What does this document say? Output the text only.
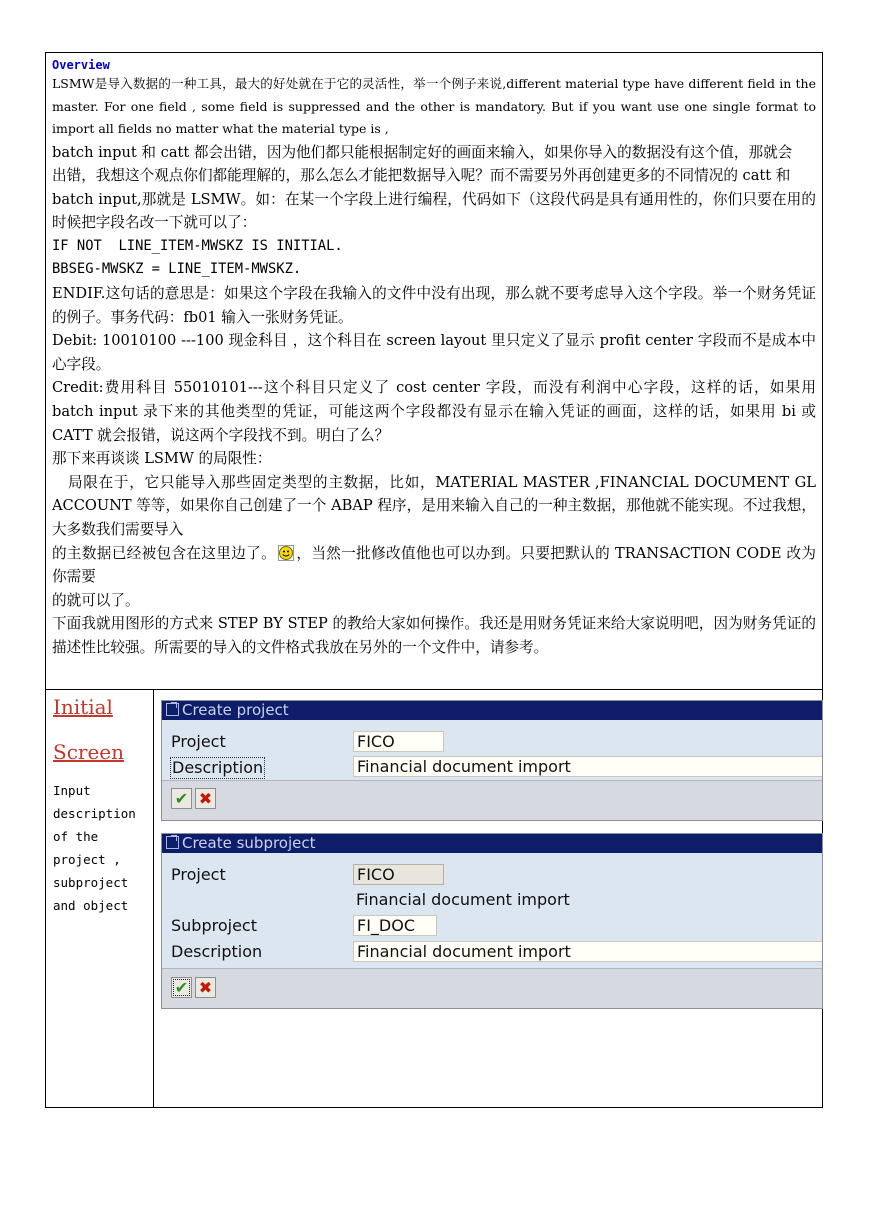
Overview

LSMW是导入数据的一种工具，最大的好处就在于它的灵活性，举一个例子来说,different material type have different field in the master. For one field , some field is suppressed and the other is mandatory. But if you want use one single format to import all fields no matter what the material type is ,

batch input 和 catt 都会出错，因为他们都只能根据制定好的画面来输入，如果你导入的数据没有这个值，那就会

出错，我想这个观点你们都能理解的，那么怎么才能把数据导入呢？而不需要另外再创建更多的不同情况的 catt 和

batch input,那就是 LSMW。如：在某一个字段上进行编程，代码如下（这段代码是具有通用性的，你们只要在用的时候把字段名改一下就可以了：

IF NOT  LINE_ITEM-MWSKZ IS INITIAL.

BBSEG-MWSKZ = LINE_ITEM-MWSKZ.

ENDIF.这句话的意思是：如果这个字段在我输入的文件中没有出现，那么就不要考虑导入这个字段。举一个财务凭证的例子。事务代码：fb01 输入一张财务凭证。

Debit: 10010100 ---100 现金科目 ，这个科目在 screen layout 里只定义了显示 profit center 字段而不是成本中心字段。

Credit:费用科目 55010101---这个科目只定义了 cost center 字段，而没有利润中心字段，这样的话，如果用 batch input 录下来的其他类型的凭证，可能这两个字段都没有显示在输入凭证的画面，这样的话，如果用 bi 或 CATT 就会报错，说这两个字段找不到。明白了么？

那下来再谈谈 LSMW 的局限性：

局限在于，它只能导入那些固定类型的主数据，比如，MATERIAL MASTER ,FINANCIAL DOCUMENT GL ACCOUNT 等等，如果你自己创建了一个 ABAP 程序，是用来输入自己的一种主数据，那他就不能实现。不过我想，大多数我们需要导入

的主数据已经被包含在这里边了。 ，当然一批修改值他也可以办到。只要把默认的 TRANSACTION CODE 改为你需要

的就可以了。

下面我就用图形的方式来 STEP BY STEP 的教给大家如何操作。我还是用财务凭证来给大家说明吧，因为财务凭证的描述性比较强。所需要的导入的文件格式我放在另外的一个文件中，请参考。

Initial
Screen
Input description of the project , subproject and object
Create project
Project	FICO
Description	Financial document import
✔ ✖
Create subproject
Project	FICO
Financial document import
Subproject	FI_DOC
Description	Financial document import
✔ ✖
